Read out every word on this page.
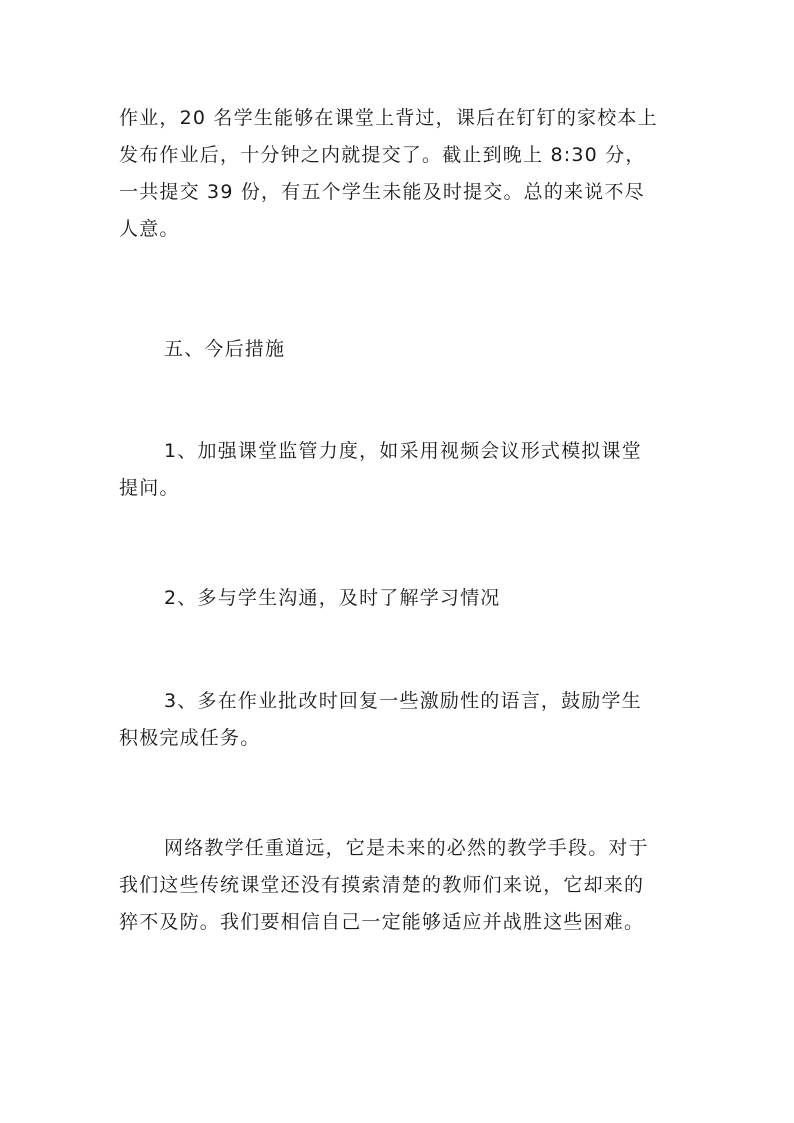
作业，20 名学生能够在课堂上背过，课后在钉钉的家校本上
发布作业后，十分钟之内就提交了。截止到晚上 8:30 分，
一共提交 39 份，有五个学生未能及时提交。总的来说不尽
人意。
五、今后措施
1、加强课堂监管力度，如采用视频会议形式模拟课堂
提问。
2、多与学生沟通，及时了解学习情况
3、多在作业批改时回复一些激励性的语言，鼓励学生
积极完成任务。
网络教学任重道远，它是未来的必然的教学手段。对于
我们这些传统课堂还没有摸索清楚的教师们来说，它却来的
猝不及防。我们要相信自己一定能够适应并战胜这些困难。
